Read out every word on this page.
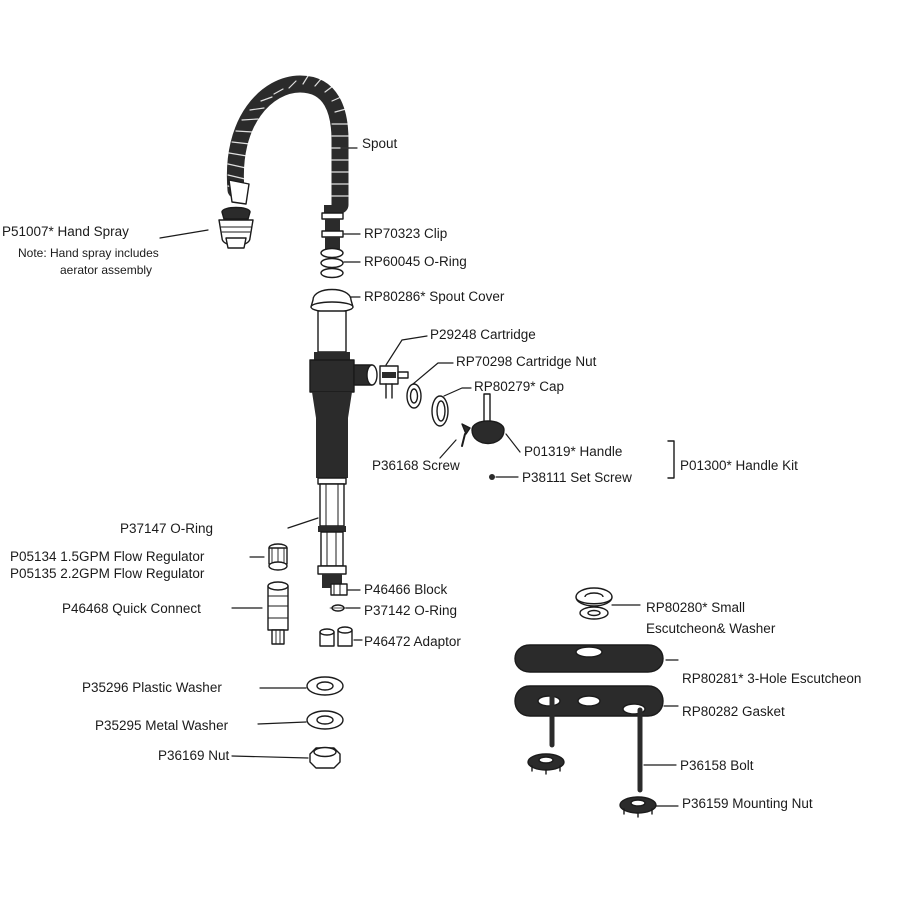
Spout
P51007* Hand Spray
Note: Hand spray includes
aerator assembly
RP70323 Clip
RP60045 O-Ring
RP80286* Spout Cover
P29248 Cartridge
RP70298 Cartridge Nut
RP80279* Cap
P01319* Handle
P36168 Screw
P38111 Set Screw
P01300* Handle Kit
P37147 O-Ring
P05134 1.5GPM Flow Regulator
P05135 2.2GPM Flow Regulator
P46468 Quick Connect
P46466 Block
P37142 O-Ring
P46472 Adaptor
P35296 Plastic Washer
P35295 Metal Washer
P36169 Nut
RP80280* Small
Escutcheon& Washer
RP80281* 3-Hole Escutcheon
RP80282 Gasket
P36158 Bolt
P36159 Mounting Nut
